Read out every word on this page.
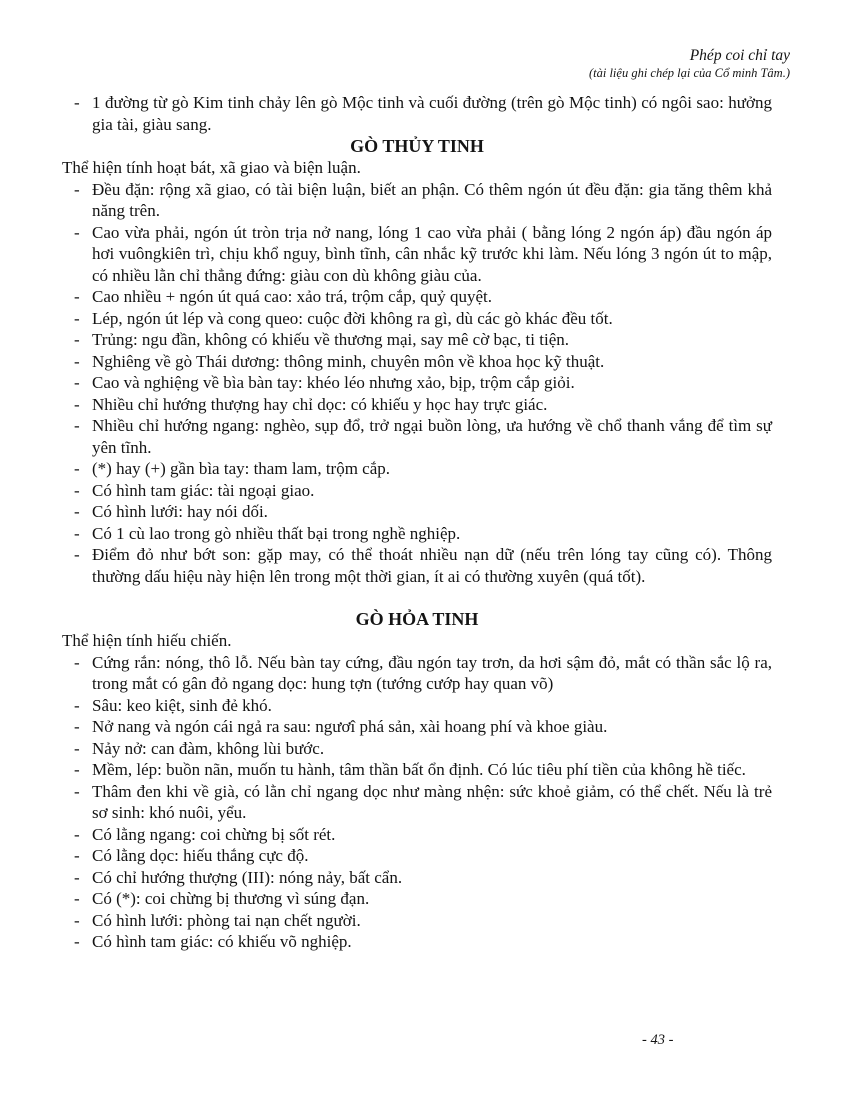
Phép coi chỉ tay
(tài liệu ghi chép lại của Cổ minh Tâm.)
- 1 đường từ gò Kim tinh chảy lên gò Mộc tinh và cuối đường (trên gò Mộc tinh) có ngôi sao: hưởng gia tài, giàu sang.
GÒ THỦY TINH
Thể hiện tính hoạt bát, xã giao và biện luận.
- Đều đặn: rộng xã giao, có tài biện luận, biết an phận. Có thêm ngón út đều đặn: gia tăng thêm khả năng trên.
- Cao vừa phải, ngón út tròn trịa nở nang, lóng 1 cao vừa phải ( bằng lóng 2 ngón áp) đầu ngón áp hơi vuôngkiên trì, chịu khổ nguy, bình tĩnh, cân nhắc kỹ trước khi làm. Nếu lóng 3 ngón út to mập, có nhiều lằn chỉ thẳng đứng: giàu con dù không giàu của.
- Cao nhiều + ngón út quá cao: xảo trá, trộm cắp, quỷ quyệt.
- Lép, ngón út lép và cong queo: cuộc đời không ra gì, dù các gò khác đều tốt.
- Trủng: ngu đần, không có khiếu về thương mại, say mê cờ bạc, ti tiện.
- Nghiêng về gò Thái dương: thông minh, chuyên môn về khoa học kỹ thuật.
- Cao và nghiệng về bìa bàn tay: khéo léo nhưng xảo, bịp, trộm cắp giỏi.
- Nhiều chỉ hướng thượng hay chỉ dọc: có khiếu y học hay trực giác.
- Nhiều chỉ hướng ngang: nghèo, sụp đổ, trở ngại buồn lòng, ưa hướng về chổ thanh vắng để tìm sự yên tĩnh.
- (*) hay (+) gần bìa tay: tham lam, trộm cắp.
- Có hình tam giác: tài ngoại giao.
- Có hình lưới: hay nói dối.
- Có 1 cù lao trong gò nhiều thất bại trong nghề nghiệp.
- Điểm đỏ như bớt son: gặp may, có thể thoát nhiều nạn dữ (nếu trên lóng tay cũng có). Thông thường dấu hiệu này hiện lên trong một thời gian, ít ai có thường xuyên (quá tốt).
GÒ HỎA TINH
Thể hiện tính hiếu chiến.
- Cứng rắn: nóng, thô lỗ. Nếu bàn tay cứng, đầu ngón tay trơn, da hơi sậm đỏ, mắt có thần sắc lộ ra, trong mắt có gân đỏ ngang dọc: hung tợn (tướng cướp hay quan võ)
- Sâu: keo kiệt, sinh đẻ khó.
- Nở nang và ngón cái ngả ra sau: ngươî phá sản, xài hoang phí và khoe giàu.
- Nảy nở: can đàm, không lùi bước.
- Mềm, lép: buồn nãn, muốn tu hành, tâm thần bất ổn định. Có lúc tiêu phí tiền của không hề tiếc.
- Thâm đen khi về già, có lằn chỉ ngang dọc như màng nhện: sức khoẻ giảm, có thể chết. Nếu là trẻ sơ sinh: khó nuôi, yểu.
- Có lằng ngang: coi chừng bị sốt rét.
- Có lằng dọc: hiếu thắng cực độ.
- Có chỉ hướng thượng (III): nóng nảy, bất cẩn.
- Có (*): coi chừng bị thương vì súng đạn.
- Có hình lưới: phòng tai nạn chết người.
- Có hình tam giác: có khiếu võ nghiệp.
- 43 -
